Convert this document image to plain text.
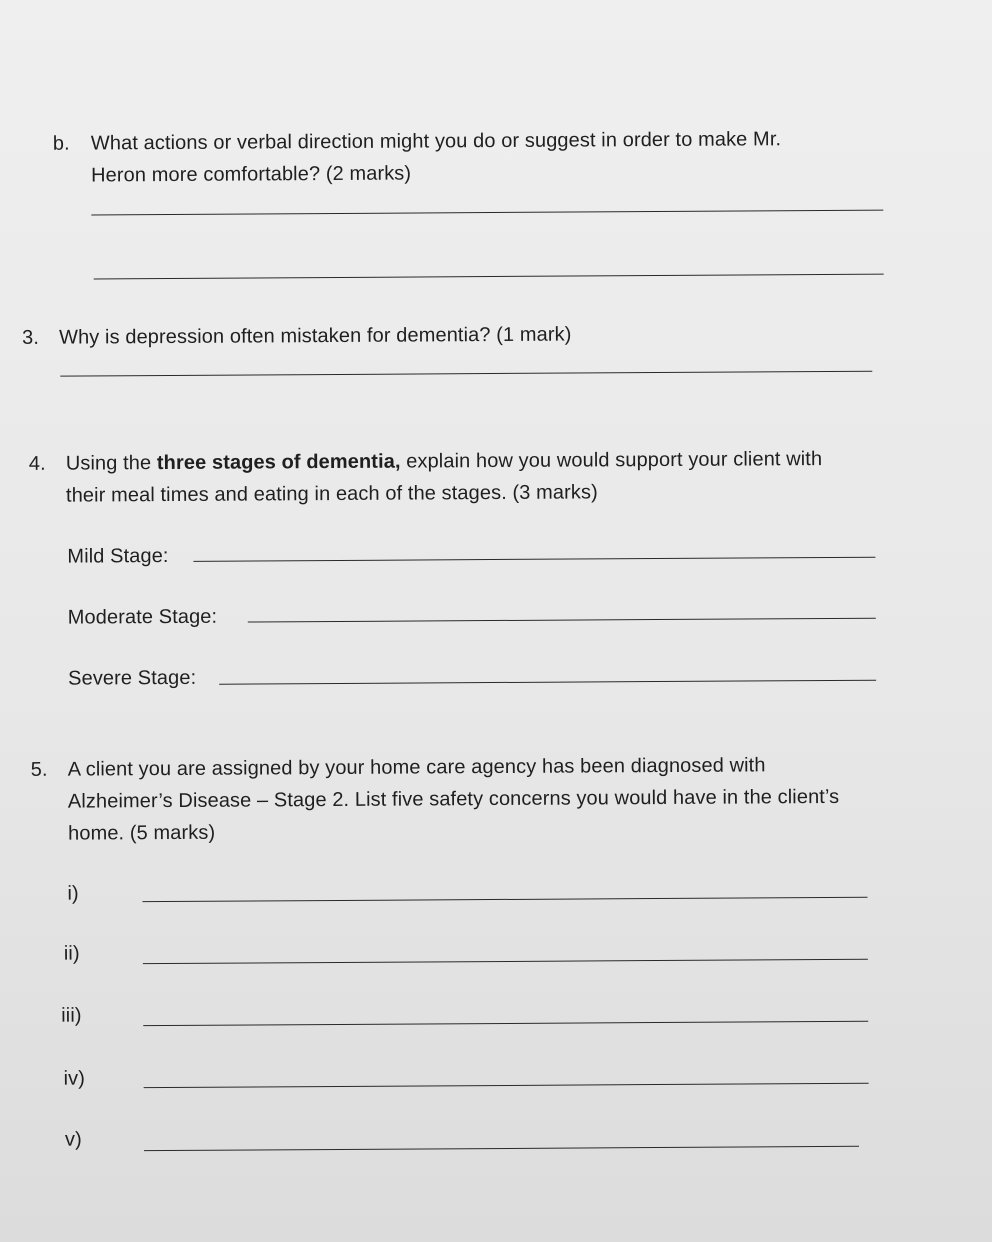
b. What actions or verbal direction might you do or suggest in order to make Mr.
Heron more comfortable? (2 marks)
3. Why is depression often mistaken for dementia? (1 mark)
4. Using the three stages of dementia, explain how you would support your client with
their meal times and eating in each of the stages. (3 marks)
Mild Stage:
Moderate Stage:
Severe Stage:
5. A client you are assigned by your home care agency has been diagnosed with
Alzheimer’s Disease – Stage 2. List five safety concerns you would have in the client’s
home. (5 marks)
i)
ii)
iii)
iv)
v)
